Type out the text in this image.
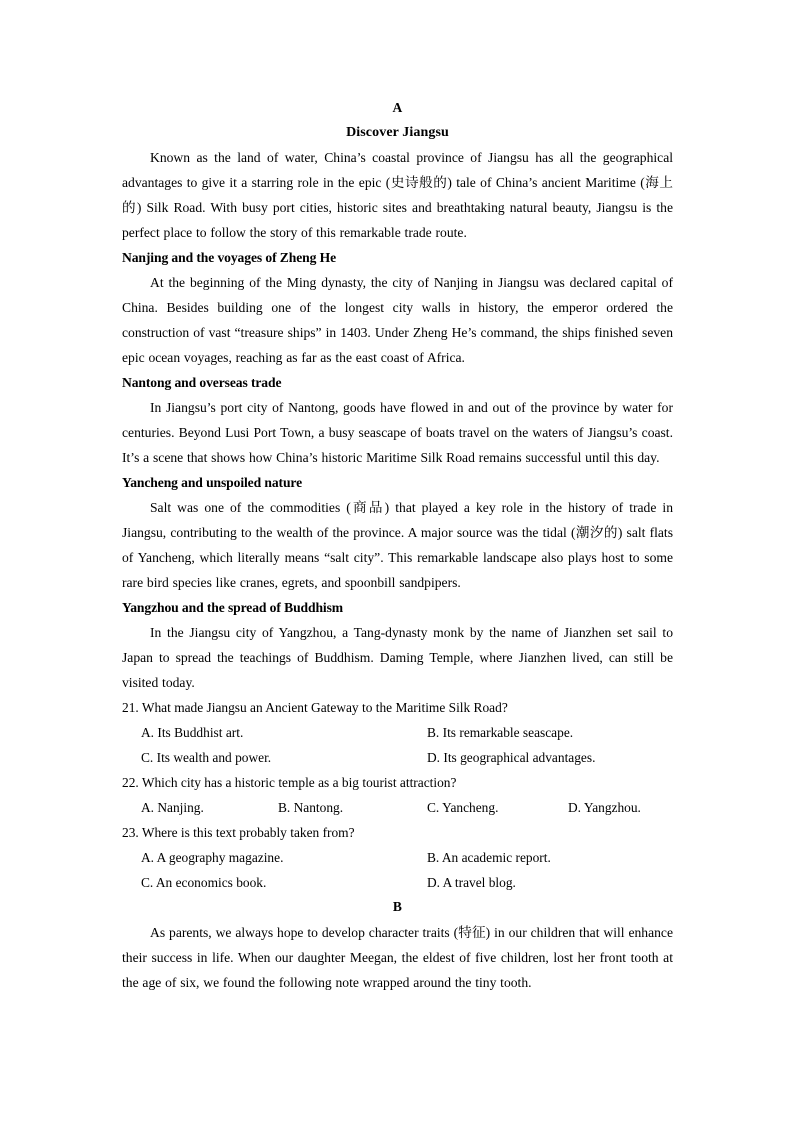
A

Discover Jiangsu

Known as the land of water, China’s coastal province of Jiangsu has all the geographical advantages to give it a starring role in the epic (史诗般的) tale of China’s ancient Maritime (海上的) Silk Road. With busy port cities, historic sites and breathtaking natural beauty, Jiangsu is the perfect place to follow the story of this remarkable trade route.

Nanjing and the voyages of Zheng He

At the beginning of the Ming dynasty, the city of Nanjing in Jiangsu was declared capital of China. Besides building one of the longest city walls in history, the emperor ordered the construction of vast “treasure ships” in 1403. Under Zheng He’s command, the ships finished seven epic ocean voyages, reaching as far as the east coast of Africa.

Nantong and overseas trade

In Jiangsu’s port city of Nantong, goods have flowed in and out of the province by water for centuries. Beyond Lusi Port Town, a busy seascape of boats travel on the waters of Jiangsu’s coast. It’s a scene that shows how China’s historic Maritime Silk Road remains successful until this day.

Yancheng and unspoiled nature

Salt was one of the commodities (商品) that played a key role in the history of trade in Jiangsu, contributing to the wealth of the province. A major source was the tidal (潮汐的) salt flats of Yancheng, which literally means “salt city”. This remarkable landscape also plays host to some rare bird species like cranes, egrets, and spoonbill sandpipers.

Yangzhou and the spread of Buddhism

In the Jiangsu city of Yangzhou, a Tang-dynasty monk by the name of Jianzhen set sail to Japan to spread the teachings of Buddhism. Daming Temple, where Jianzhen lived, can still be visited today.

21. What made Jiangsu an Ancient Gateway to the Maritime Silk Road?

A. Its Buddhist art.	B. Its remarkable seascape.
C. Its wealth and power.	D. Its geographical advantages.

22. Which city has a historic temple as a big tourist attraction?

A. Nanjing.	B. Nantong.	C. Yancheng.	D. Yangzhou.

23. Where is this text probably taken from?

A. A geography magazine.	B. An academic report.
C. An economics book.	D. A travel blog.

B

As parents, we always hope to develop character traits (特征) in our children that will enhance their success in life. When our daughter Meegan, the eldest of five children, lost her front tooth at the age of six, we found the following note wrapped around the tiny tooth.
